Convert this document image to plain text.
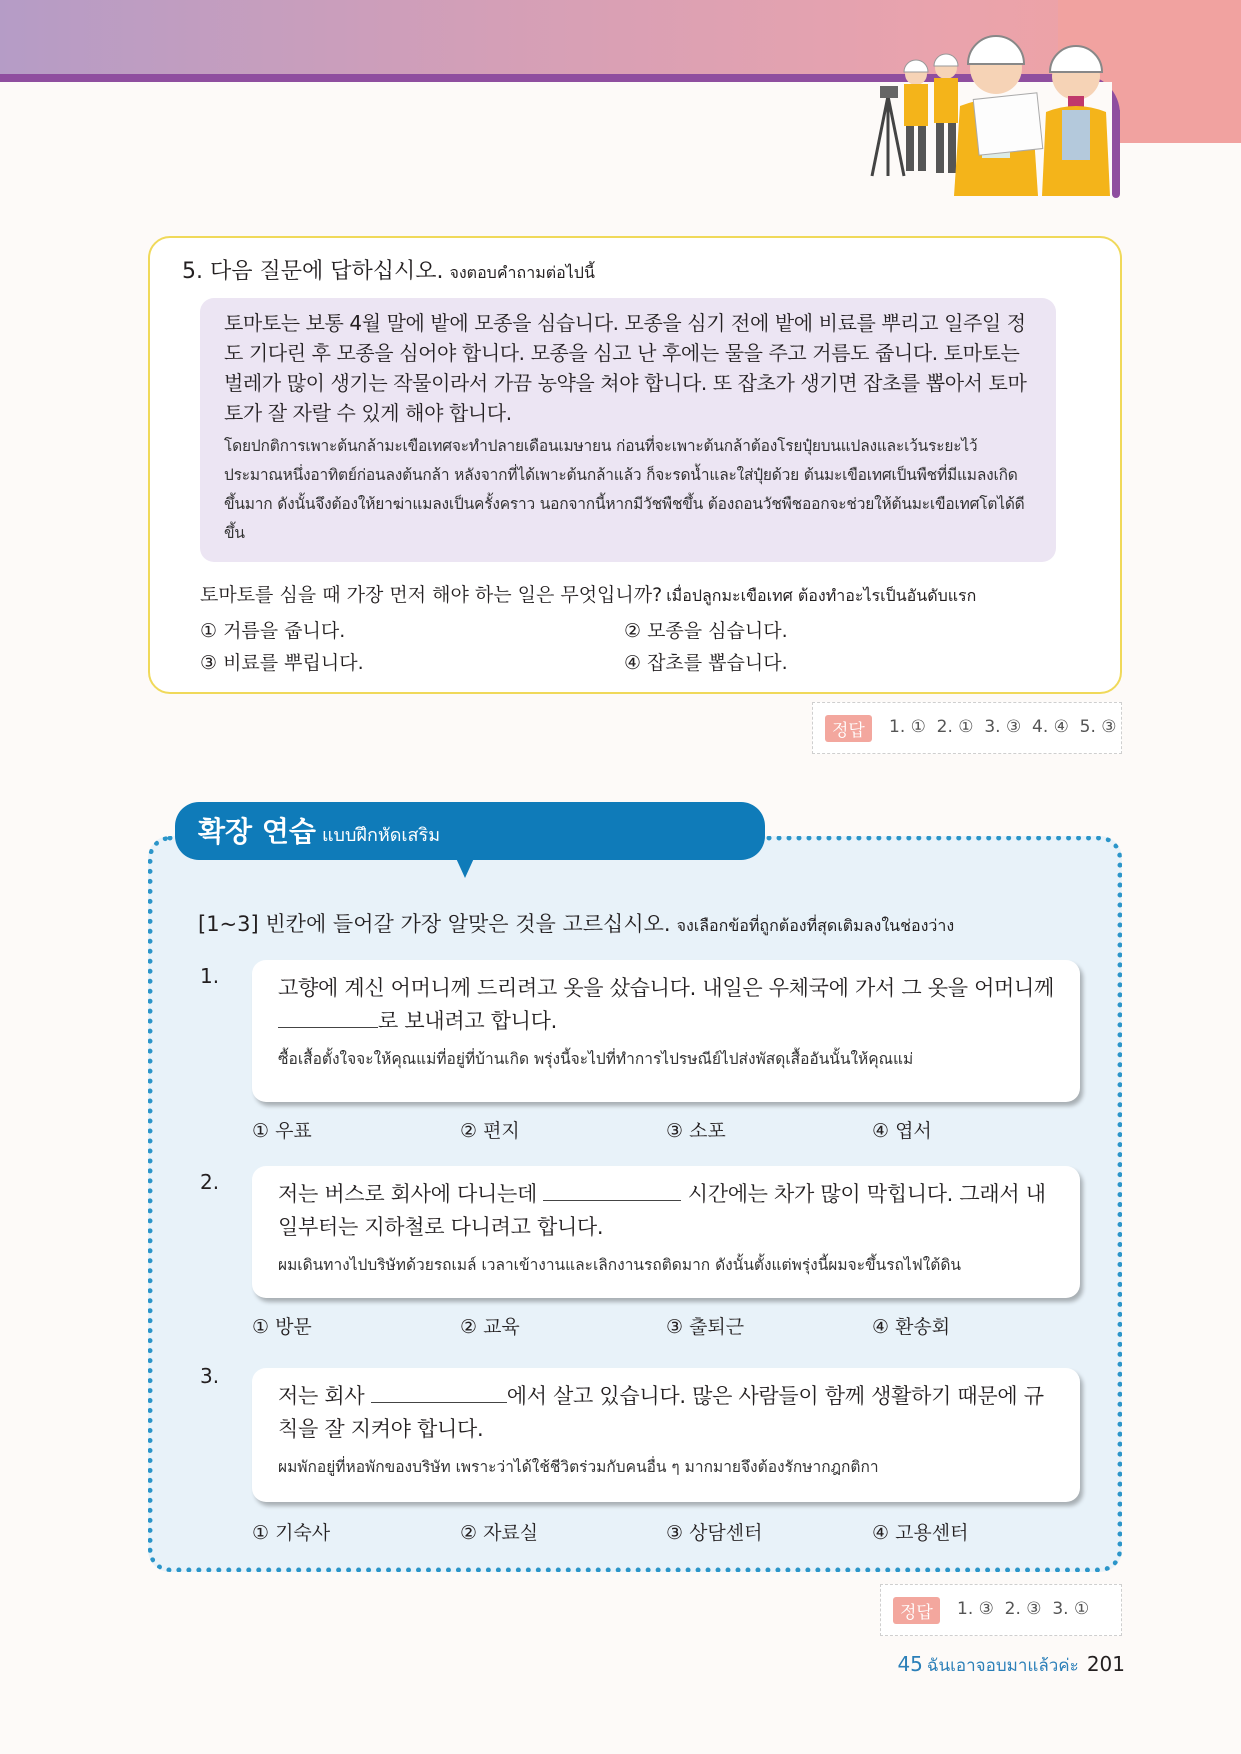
5. 다음 질문에 답하십시오. จงตอบคำถามต่อไปนี้
토마토는 보통 4월 말에 밭에 모종을 심습니다. 모종을 심기 전에 밭에 비료를 뿌리고 일주일 정도 기다린 후 모종을 심어야 합니다. 모종을 심고 난 후에는 물을 주고 거름도 줍니다. 토마토는 벌레가 많이 생기는 작물이라서 가끔 농약을 쳐야 합니다. 또 잡초가 생기면 잡초를 뽑아서 토마토가 잘 자랄 수 있게 해야 합니다.
โดยปกติการเพาะต้นกล้ามะเขือเทศจะทำปลายเดือนเมษายน ก่อนที่จะเพาะต้นกล้าต้องโรยปุ๋ยบนแปลงและเว้นระยะไว้ประมาณหนึ่งอาทิตย์ก่อนลงต้นกล้า หลังจากที่ได้เพาะต้นกล้าแล้ว ก็จะรดน้ำและใส่ปุ๋ยด้วย ต้นมะเขือเทศเป็นพืชที่มีแมลงเกิดขึ้นมาก ดังนั้นจึงต้องให้ยาฆ่าแมลงเป็นครั้งคราว นอกจากนี้หากมีวัชพืชขึ้น ต้องถอนวัชพืชออกจะช่วยให้ต้นมะเขือเทศโตได้ดีขึ้น
토마토를 심을 때 가장 먼저 해야 하는 일은 무엇입니까? เมื่อปลูกมะเขือเทศ ต้องทำอะไรเป็นอันดับแรก
① 거름을 줍니다.	② 모종을 심습니다.
③ 비료를 뿌립니다.	④ 잡초를 뽑습니다.
정답	1. ①  2. ①  3. ③  4. ④  5. ③
확장 연습 แบบฝึกหัดเสริม
[1~3] 빈칸에 들어갈 가장 알맞은 것을 고르십시오. จงเลือกข้อที่ถูกต้องที่สุดเติมลงในช่องว่าง
1.	고향에 계신 어머니께 드리려고 옷을 샀습니다. 내일은 우체국에 가서 그 옷을 어머니께 로 보내려고 합니다.
ซื้อเสื้อตั้งใจจะให้คุณแม่ที่อยู่ที่บ้านเกิด พรุ่งนี้จะไปที่ทำการไปรษณีย์ไปส่งพัสดุเสื้ออันนั้นให้คุณแม่
① 우표	② 편지	③ 소포	④ 엽서
2.	저는 버스로 회사에 다니는데	시간에는 차가 많이 막힙니다. 그래서 내일부터는 지하철로 다니려고 합니다.
ผมเดินทางไปบริษัทด้วยรถเมล์ เวลาเข้างานและเลิกงานรถติดมาก ดังนั้นตั้งแต่พรุ่งนี้ผมจะขึ้นรถไฟใต้ดิน
① 방문	② 교육	③ 출퇴근	④ 환송회
3.
저는 회사	에서 살고 있습니다. 많은 사람들이 함께 생활하기 때문에 규칙을 잘 지켜야 합니다.
ผมพักอยู่ที่หอพักของบริษัท เพราะว่าได้ใช้ชีวิตร่วมกับคนอื่น ๆ มากมายจึงต้องรักษากฎกติกา
① 기숙사	② 자료실	③ 상담센터	④ 고용센터
정답	1. ③  2. ③  3. ①
45 ฉันเอาจอบมาแล้วค่ะ 201
